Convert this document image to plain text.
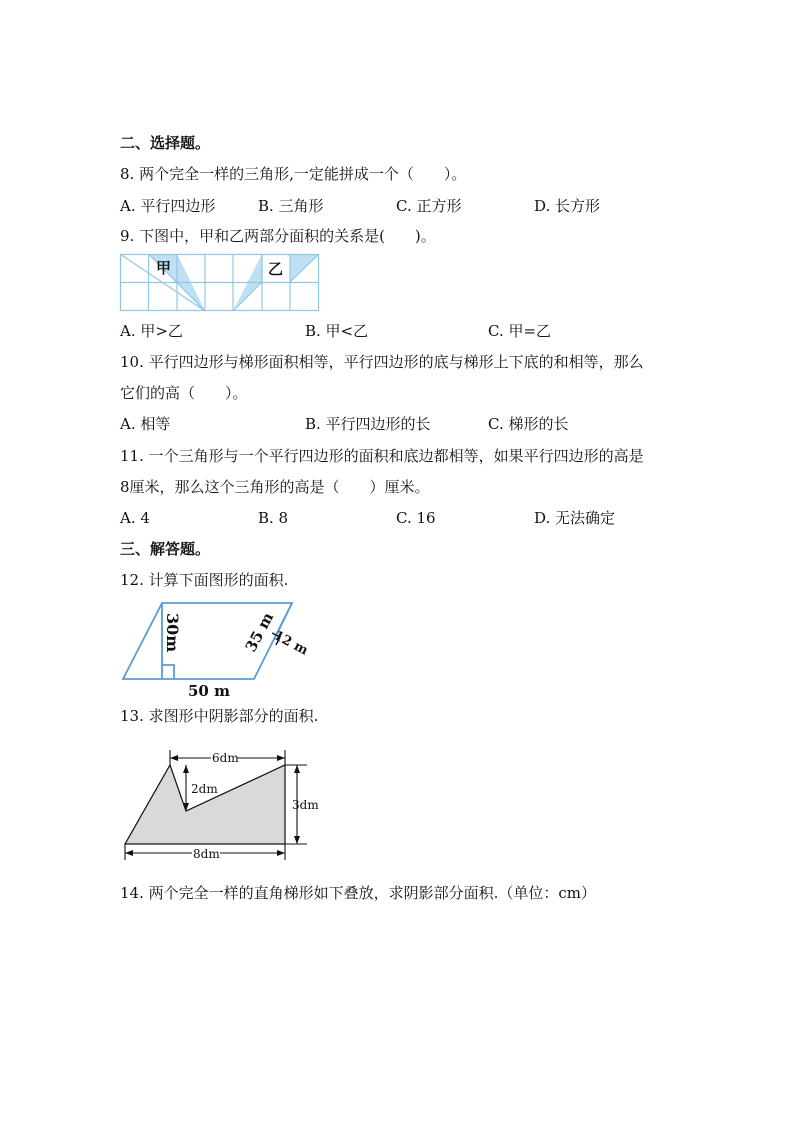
二、选择题。
8. 两个完全一样的三角形,一定能拼成一个（　　）。
A. 平行四边形	B. 三角形	C. 正方形	D. 长方形
9. 下图中，甲和乙两部分面积的关系是(　　)。
甲	乙
A. 甲>乙	B. 甲<乙	C. 甲=乙
10. 平行四边形与梯形面积相等，平行四边形的底与梯形上下底的和相等，那么
它们的高（　　）。
A. 相等	B. 平行四边形的长	C. 梯形的长
11. 一个三角形与一个平行四边形的面积和底边都相等，如果平行四边形的高是
8厘米，那么这个三角形的高是（　　）厘米。
A. 4	B. 8	C. 16	D. 无法确定
三、解答题。
12. 计算下面图形的面积.
30m	35 m
12 m
50 m
13. 求图形中阴影部分的面积.
6dm
2dm
3dm
8dm
14. 两个完全一样的直角梯形如下叠放，求阴影部分面积.（单位：cm）
